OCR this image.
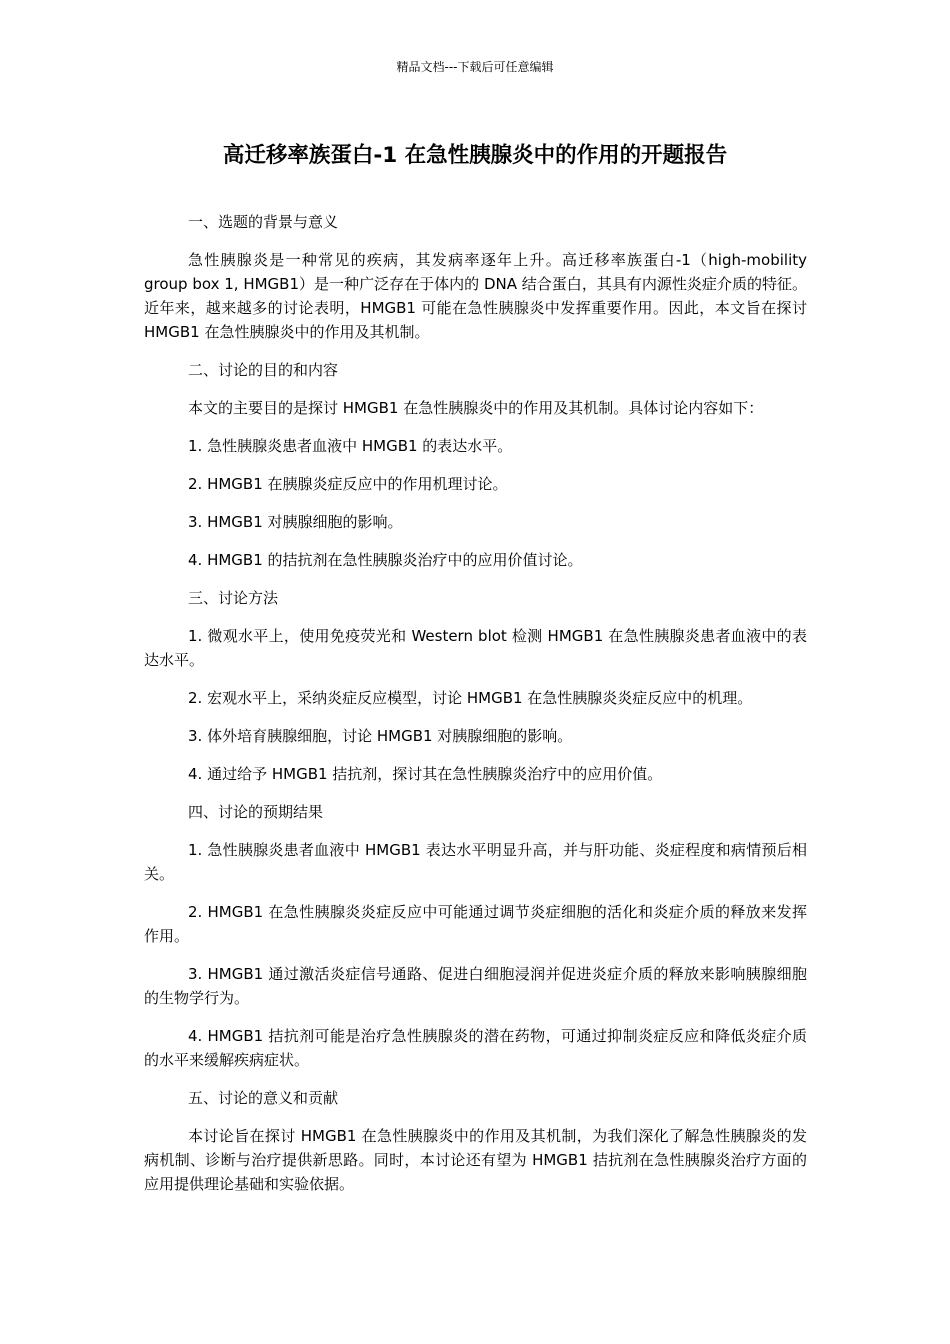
精品文档---下载后可任意编辑
高迁移率族蛋白-1 在急性胰腺炎中的作用的开题报告

一、选题的背景与意义

急性胰腺炎是一种常见的疾病，其发病率逐年上升。高迁移率族蛋白-1（high-mobility group box 1, HMGB1）是一种广泛存在于体内的 DNA 结合蛋白，其具有内源性炎症介质的特征。近年来，越来越多的讨论表明，HMGB1 可能在急性胰腺炎中发挥重要作用。因此，本文旨在探讨 HMGB1 在急性胰腺炎中的作用及其机制。

二、讨论的目的和内容

本文的主要目的是探讨 HMGB1 在急性胰腺炎中的作用及其机制。具体讨论内容如下：

1. 急性胰腺炎患者血液中 HMGB1 的表达水平。

2. HMGB1 在胰腺炎症反应中的作用机理讨论。

3. HMGB1 对胰腺细胞的影响。

4. HMGB1 的拮抗剂在急性胰腺炎治疗中的应用价值讨论。

三、讨论方法

1. 微观水平上，使用免疫荧光和 Western blot 检测 HMGB1 在急性胰腺炎患者血液中的表达水平。

2. 宏观水平上，采纳炎症反应模型，讨论 HMGB1 在急性胰腺炎炎症反应中的机理。

3. 体外培育胰腺细胞，讨论 HMGB1 对胰腺细胞的影响。

4. 通过给予 HMGB1 拮抗剂，探讨其在急性胰腺炎治疗中的应用价值。

四、讨论的预期结果

1. 急性胰腺炎患者血液中 HMGB1 表达水平明显升高，并与肝功能、炎症程度和病情预后相关。

2. HMGB1 在急性胰腺炎炎症反应中可能通过调节炎症细胞的活化和炎症介质的释放来发挥作用。

3. HMGB1 通过激活炎症信号通路、促进白细胞浸润并促进炎症介质的释放来影响胰腺细胞的生物学行为。

4. HMGB1 拮抗剂可能是治疗急性胰腺炎的潜在药物，可通过抑制炎症反应和降低炎症介质的水平来缓解疾病症状。

五、讨论的意义和贡献

本讨论旨在探讨 HMGB1 在急性胰腺炎中的作用及其机制，为我们深化了解急性胰腺炎的发病机制、诊断与治疗提供新思路。同时，本讨论还有望为 HMGB1 拮抗剂在急性胰腺炎治疗方面的应用提供理论基础和实验依据。
